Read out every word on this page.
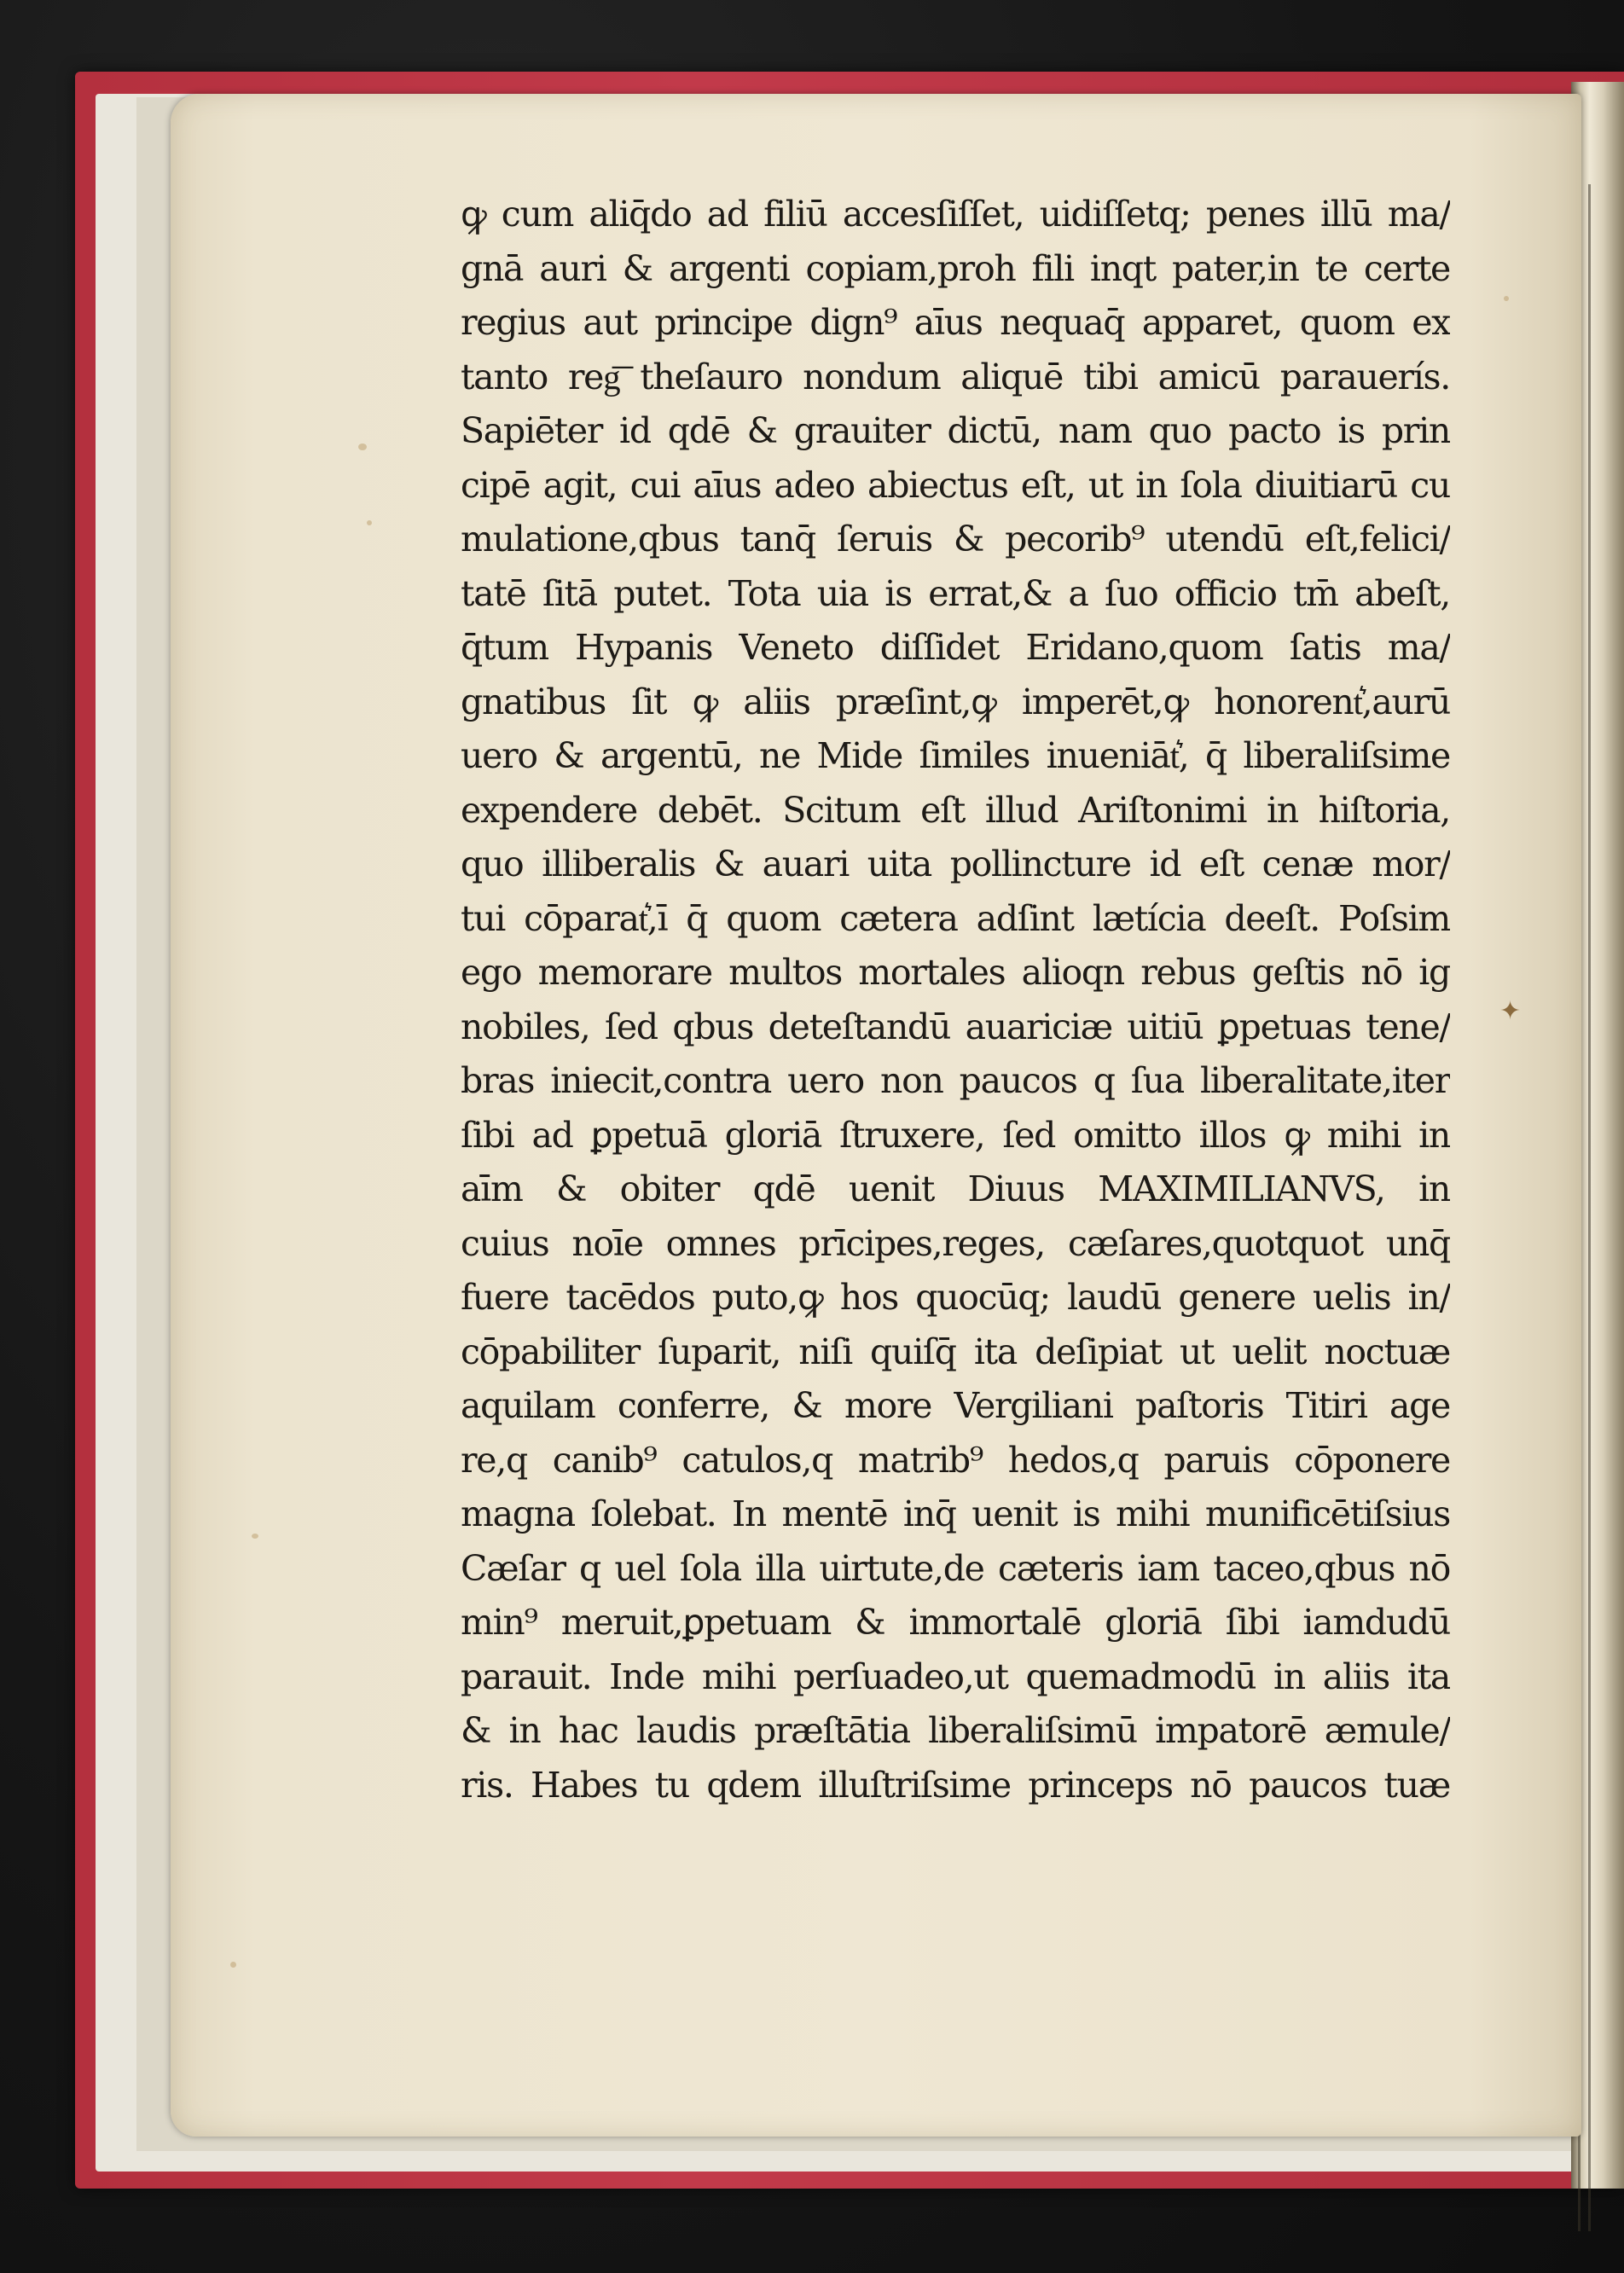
✦
ꝙ cum aliq̄do ad filiū accesſiſſet, uidiſſetq; penes illū ma/
gnā auri & argenti copiam,proh fili inqt pater,in te certe
regius aut principe dign⁹ aīus nequaq̄ apparet, quom ex
tanto reg͞ theſauro nondum aliquē tibi amicū parauerís.
Sapiēter id qdē & grauiter dictū, nam quo pacto is prin
cipē agit, cui aīus adeo abiectus eſt, ut in ſola diuitiarū cu
mulatione,qbus tanq̄ ſeruis & pecorib⁹ utendū eſt,felici/
tatē ſitā putet. Tota uia is errat,& a ſuo officio tm̄ abeſt,
q̄tum Hypanis Veneto diſſidet Eridano,quom ſatis ma/
gnatibus ſit ꝙ aliis præſint,ꝙ imperēt,ꝙ honorent͛,aurū
uero & argentū, ne Mide ſimiles inueniāt͛, q̄ liberaliſsime
expendere debēt. Scitum eſt illud Ariſtonimi in hiſtoria,
quo illiberalis & auari uita pollincture id eſt cenæ mor/
tui cōparat͛,ī q̄ quom cætera adſint lætícia deeſt. Poſsim
ego memorare multos mortales alioqn rebus geſtis nō ig
nobiles, ſed qbus deteſtandū auariciæ uitiū ꝑpetuas tene/
bras iniecit,contra uero non paucos q ſua liberalitate,iter
ſibi ad ꝑpetuā gloriā ſtruxere, ſed omitto illos ꝙ mihi in
aīm & obiter qdē uenit Diuus MAXIMILIANVS, in
cuius noīe omnes prīcipes,reges, cæſares,quotquot unq̄
fuere tacēdos puto,ꝙ hos quocūq; laudū genere uelis in/
cōpabiliter ſuparit, niſi quiſq̄ ita deſipiat ut uelit noctuæ
aquilam conferre, & more Vergiliani paſtoris Titiri age
re,q canib⁹ catulos,q matrib⁹ hedos,q paruis cōponere
magna ſolebat. In mentē inq̄ uenit is mihi munificētiſsius
Cæſar q uel ſola illa uirtute,de cæteris iam taceo,qbus nō
min⁹ meruit,ꝑpetuam & immortalē gloriā ſibi iamdudū
parauit. Inde mihi perſuadeo,ut quemadmodū in aliis ita
& in hac laudis præſtātia liberaliſsimū impatorē æmule/
ris. Habes tu qdem illuſtriſsime princeps nō paucos tuæ
